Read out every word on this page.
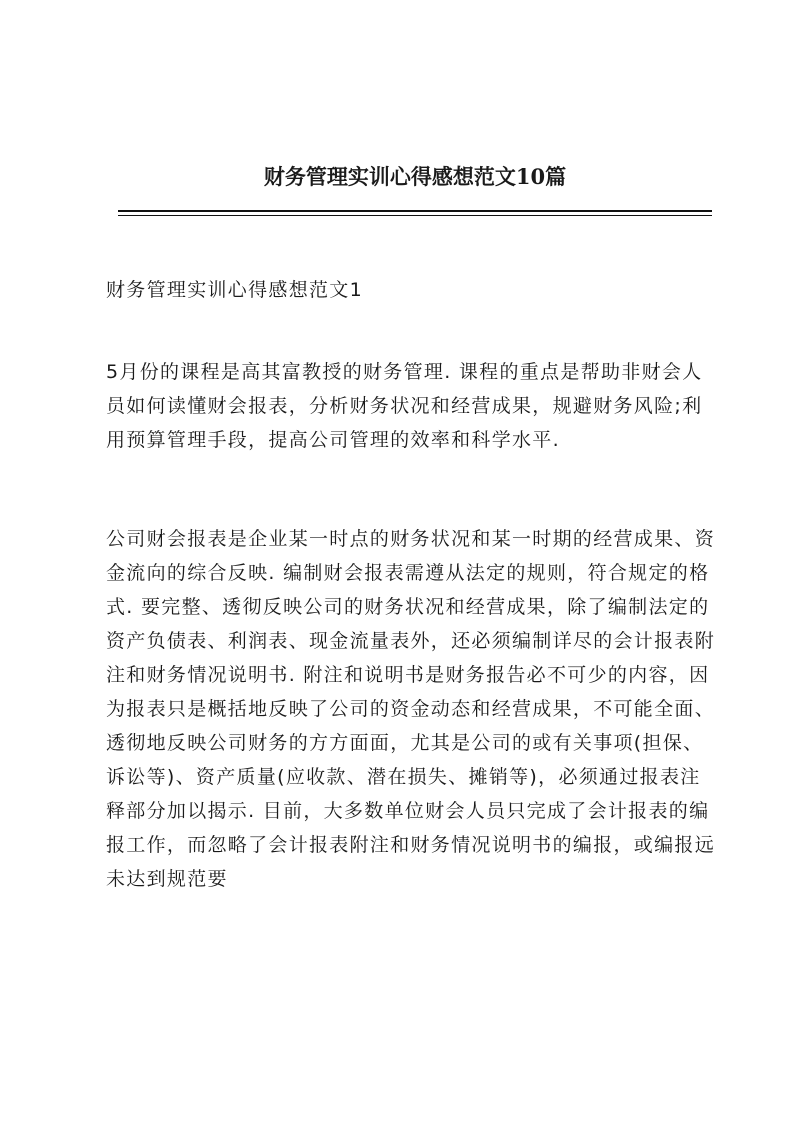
财务管理实训心得感想范文10篇

财务管理实训心得感想范文1

5月份的课程是高其富教授的财务管理. 课程的重点是帮助非财会人员如何读懂财会报表，分析财务状况和经营成果，规避财务风险;利用预算管理手段，提高公司管理的效率和科学水平.

公司财会报表是企业某一时点的财务状况和某一时期的经营成果、资金流向的综合反映. 编制财会报表需遵从法定的规则，符合规定的格式. 要完整、透彻反映公司的财务状况和经营成果，除了编制法定的资产负债表、利润表、现金流量表外，还必须编制详尽的会计报表附注和财务情况说明书. 附注和说明书是财务报告必不可少的内容，因为报表只是概括地反映了公司的资金动态和经营成果，不可能全面、透彻地反映公司财务的方方面面，尤其是公司的或有关事项(担保、诉讼等)、资产质量(应收款、潜在损失、摊销等)，必须通过报表注释部分加以揭示. 目前，大多数单位财会人员只完成了会计报表的编报工作，而忽略了会计报表附注和财务情况说明书的编报，或编报远未达到规范要
